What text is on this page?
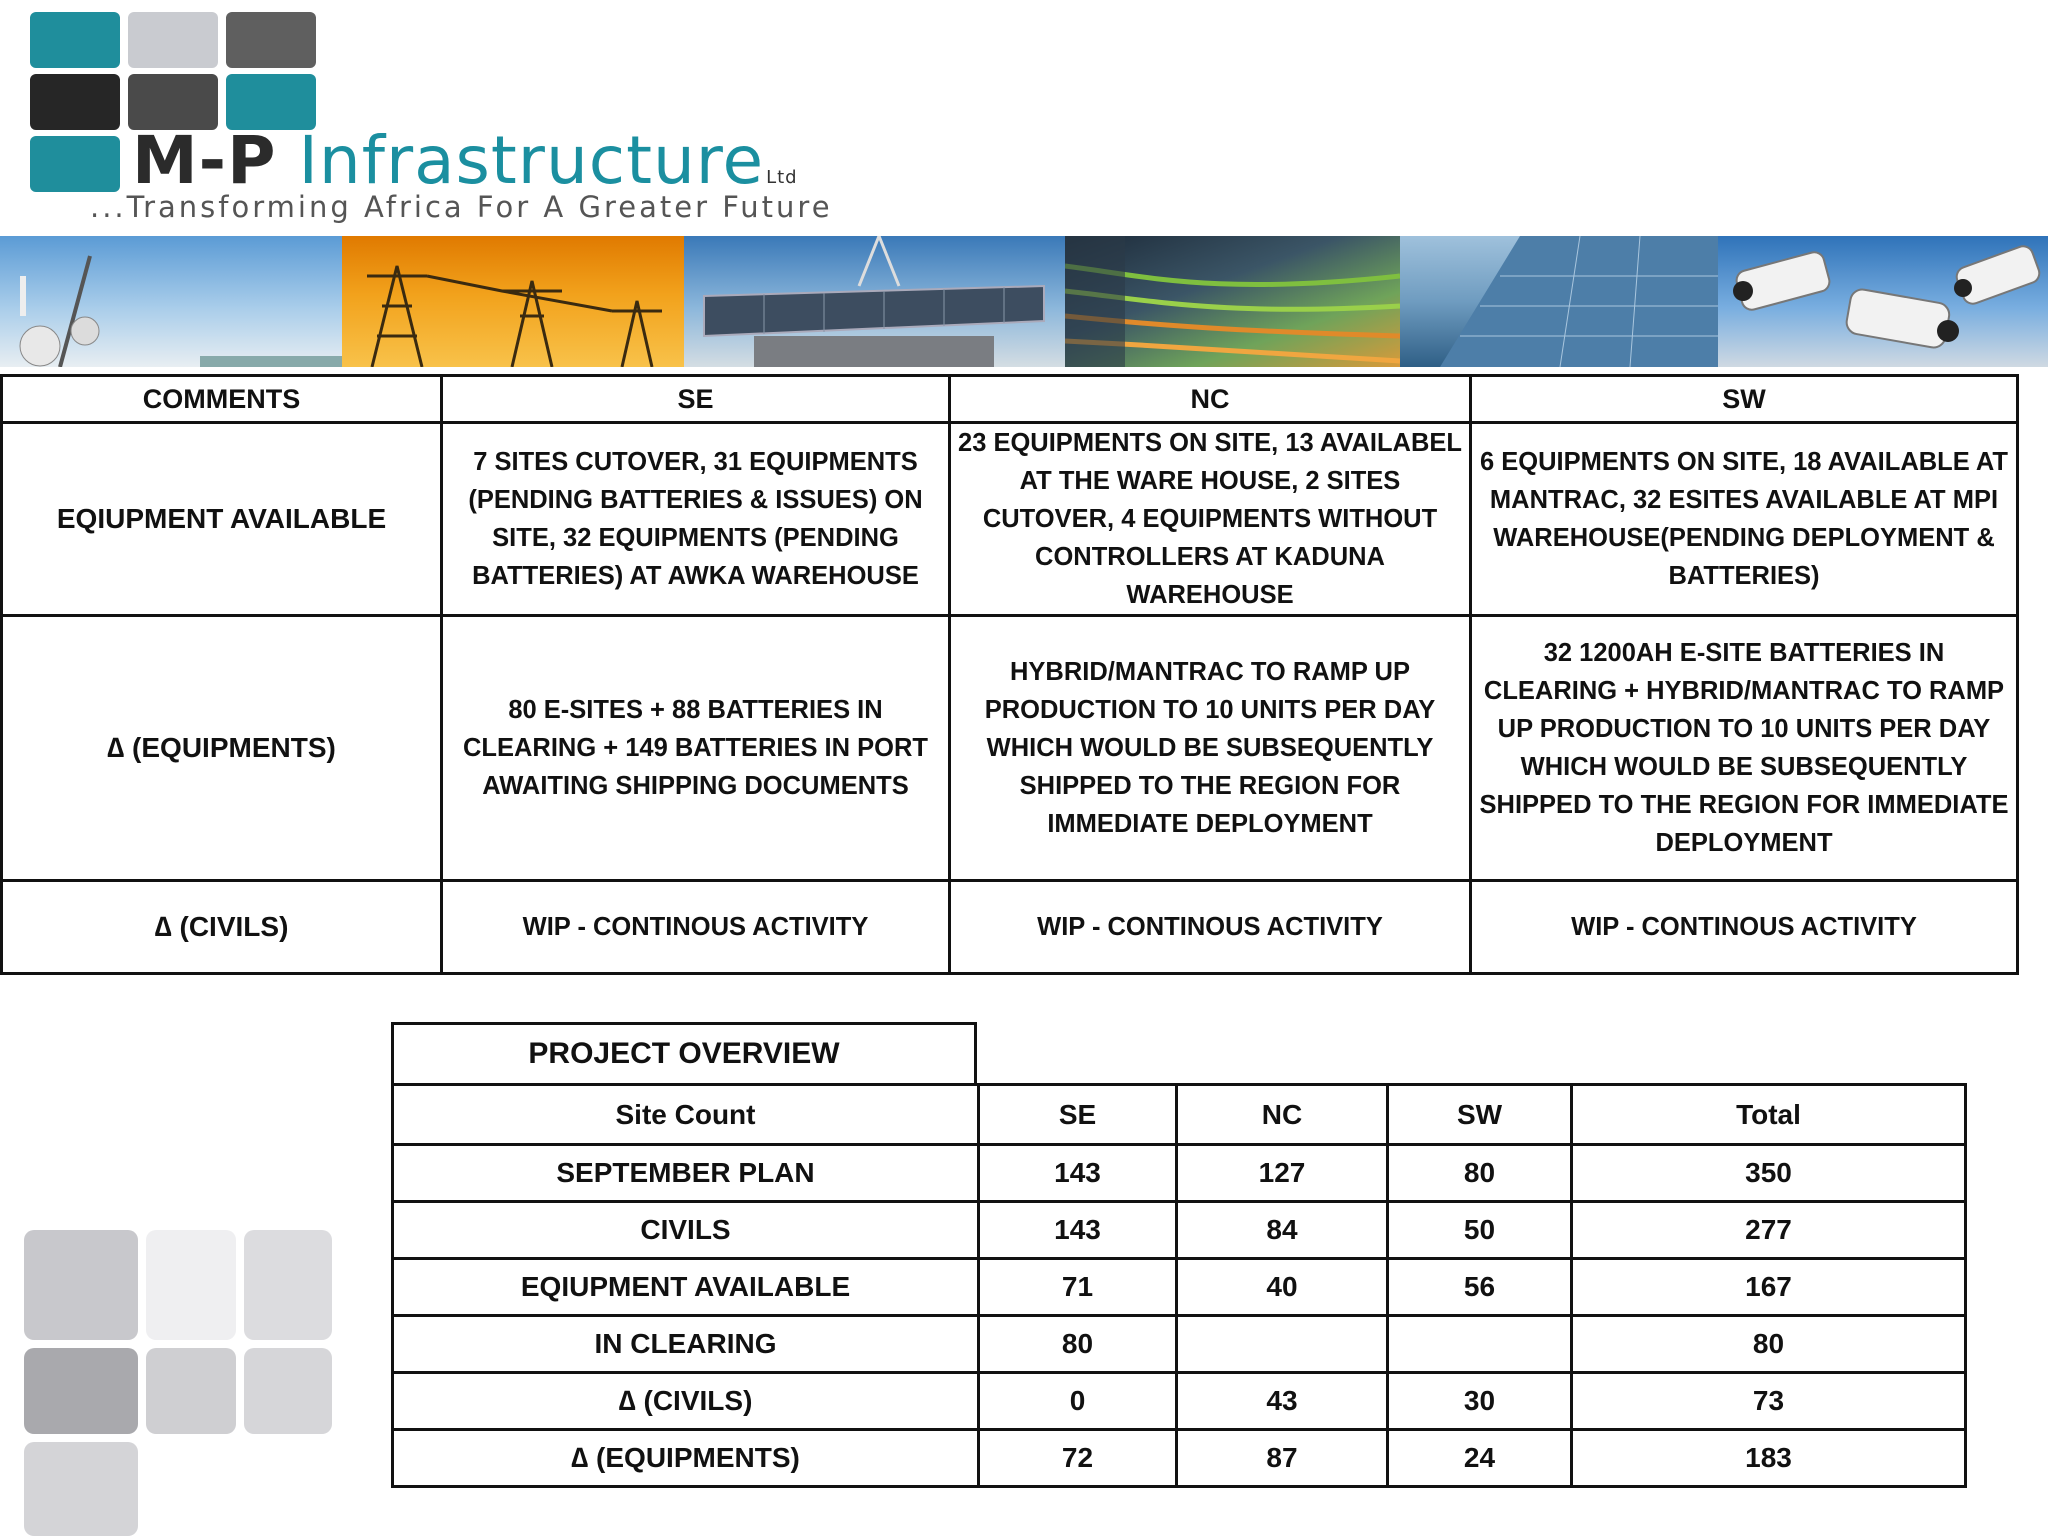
M-P Infrastructure Ltd
...Transforming Africa For A Greater Future
COMMENTS	SE	NC	SW
EQIUPMENT AVAILABLE	7 SITES CUTOVER, 31 EQUIPMENTS (PENDING BATTERIES & ISSUES) ON SITE, 32 EQUIPMENTS (PENDING BATTERIES) AT AWKA WAREHOUSE	23 EQUIPMENTS ON SITE, 13 AVAILABEL AT THE WARE HOUSE, 2 SITES CUTOVER, 4 EQUIPMENTS WITHOUT CONTROLLERS AT KADUNA WAREHOUSE	6 EQUIPMENTS ON SITE, 18 AVAILABLE AT MANTRAC, 32 ESITES AVAILABLE AT MPI WAREHOUSE(PENDING DEPLOYMENT & BATTERIES)
∆ (EQUIPMENTS)	80 E-SITES + 88 BATTERIES IN CLEARING + 149 BATTERIES IN PORT AWAITING SHIPPING DOCUMENTS	HYBRID/MANTRAC TO RAMP UP PRODUCTION TO 10 UNITS PER DAY WHICH WOULD BE SUBSEQUENTLY SHIPPED TO THE REGION FOR IMMEDIATE DEPLOYMENT	32 1200AH E-SITE BATTERIES IN CLEARING + HYBRID/MANTRAC TO RAMP UP PRODUCTION TO 10 UNITS PER DAY WHICH WOULD BE SUBSEQUENTLY SHIPPED TO THE REGION FOR IMMEDIATE DEPLOYMENT
∆ (CIVILS)	WIP - CONTINOUS ACTIVITY	WIP - CONTINOUS ACTIVITY	WIP - CONTINOUS ACTIVITY
PROJECT OVERVIEW
Site Count	SE	NC	SW	Total
SEPTEMBER PLAN	143	127	80	350
CIVILS	143	84	50	277
EQIUPMENT AVAILABLE	71	40	56	167
IN CLEARING	80			80
∆ (CIVILS)	0	43	30	73
∆ (EQUIPMENTS)	72	87	24	183
